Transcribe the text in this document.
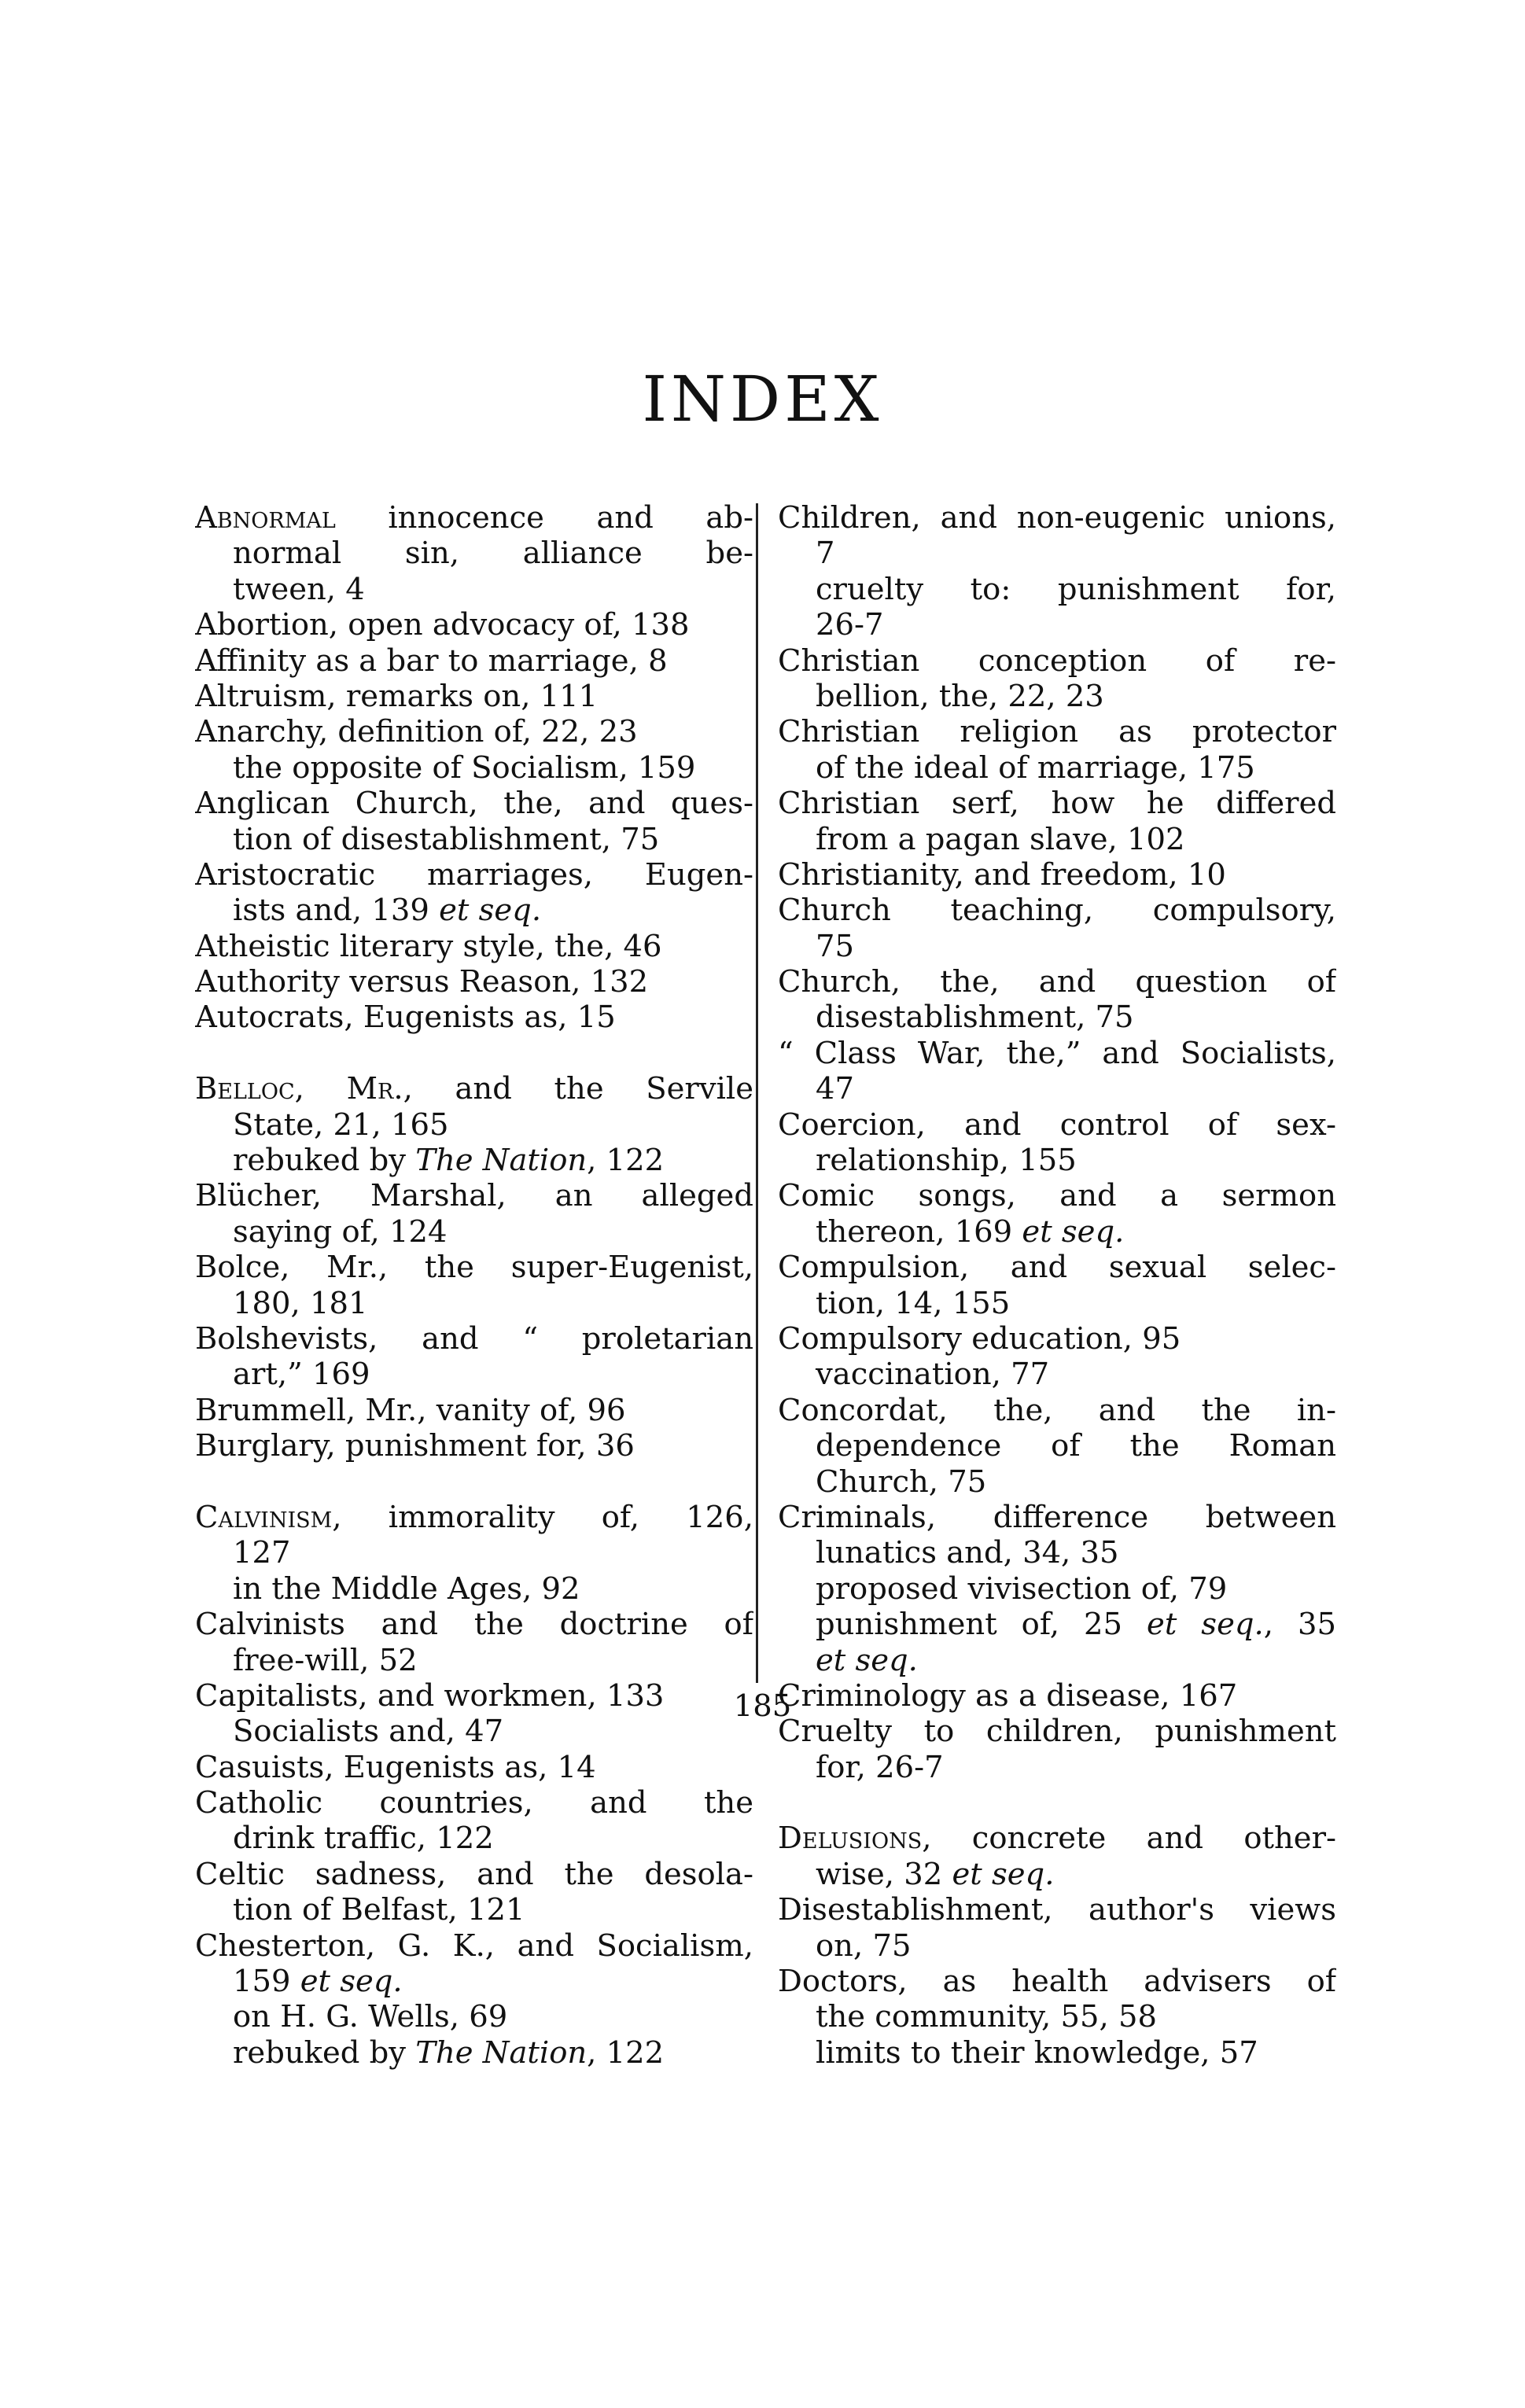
INDEX
Abnormal innocence and ab-
normal sin, alliance be-
tween, 4
Abortion, open advocacy of, 138
Affinity as a bar to marriage, 8
Altruism, remarks on, 111
Anarchy, definition of, 22, 23
the opposite of Socialism, 159
Anglican Church, the, and ques-
tion of disestablishment, 75
Aristocratic marriages, Eugen-
ists and, 139 et seq.
Atheistic literary style, the, 46
Authority versus Reason, 132
Autocrats, Eugenists as, 15
Belloc, Mr., and the Servile
State, 21, 165
rebuked by The Nation, 122
Blücher, Marshal, an alleged
saying of, 124
Bolce, Mr., the super-Eugenist,
180, 181
Bolshevists, and “ proletarian
art,” 169
Brummell, Mr., vanity of, 96
Burglary, punishment for, 36
Calvinism, immorality of, 126,
127
in the Middle Ages, 92
Calvinists and the doctrine of
free-will, 52
Capitalists, and workmen, 133
Socialists and, 47
Casuists, Eugenists as, 14
Catholic countries, and the
drink traffic, 122
Celtic sadness, and the desola-
tion of Belfast, 121
Chesterton, G. K., and Socialism,
159 et seq.
on H. G. Wells, 69
rebuked by The Nation, 122
Children, and non-eugenic unions,
7
cruelty to: punishment for,
26-7
Christian conception of re-
bellion, the, 22, 23
Christian religion as protector
of the ideal of marriage, 175
Christian serf, how he differed
from a pagan slave, 102
Christianity, and freedom, 10
Church teaching, compulsory,
75
Church, the, and question of
disestablishment, 75
“ Class War, the,” and Socialists,
47
Coercion, and control of sex-
relationship, 155
Comic songs, and a sermon
thereon, 169 et seq.
Compulsion, and sexual selec-
tion, 14, 155
Compulsory education, 95
vaccination, 77
Concordat, the, and the in-
dependence of the Roman
Church, 75
Criminals, difference between
lunatics and, 34, 35
proposed vivisection of, 79
punishment of, 25 et seq., 35
et seq.
Criminology as a disease, 167
Cruelty to children, punishment
for, 26-7
Delusions, concrete and other-
wise, 32 et seq.
Disestablishment, author's views
on, 75
Doctors, as health advisers of
the community, 55, 58
limits to their knowledge, 57
185
